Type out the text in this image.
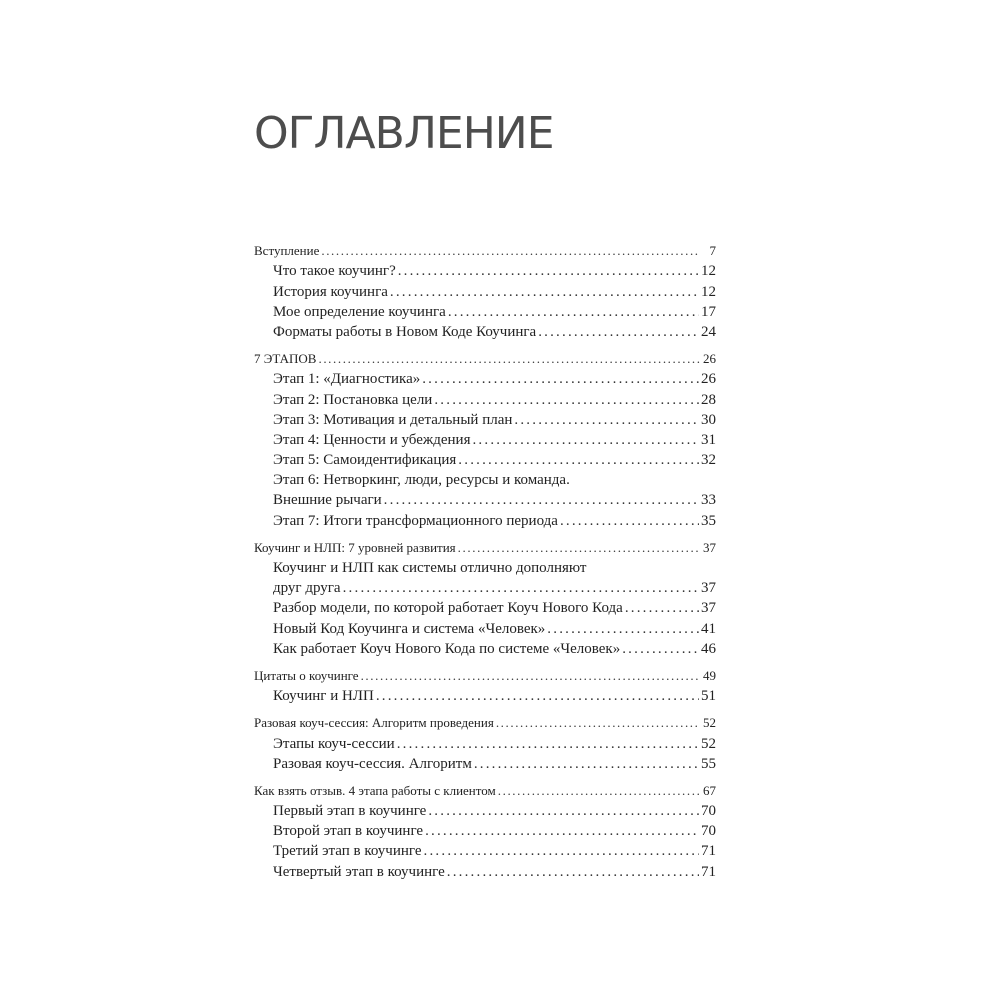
ОГЛАВЛЕНИЕ
Вступление .....	7
Что такое коучинг? .....	12
История коучинга .....	12
Мое определение коучинга .....	17
Форматы работы в Новом Коде Коучинга .....	24
7 ЭТАПОВ .....	26
Этап 1: «Диагностика» .....	26
Этап 2: Постановка цели .....	28
Этап 3: Мотивация и детальный план .....	30
Этап 4: Ценности и убеждения .....	31
Этап 5: Самоидентификация .....	32
Этап 6: Нетворкинг, люди, ресурсы и команда.
Внешние рычаги .....	33
Этап 7: Итоги трансформационного периода .....	35
Коучинг и НЛП: 7 уровней развития .....	37
Коучинг и НЛП как системы отлично дополняют
друг друга .....	37
Разбор модели, по которой работает Коуч Нового Кода .....	37
Новый Код Коучинга и система «Человек» .....	41
Как работает Коуч Нового Кода по системе «Человек» .....	46
Цитаты о коучинге .....	49
Коучинг и НЛП .....	51
Разовая коуч-сессия: Алгоритм проведения .....	52
Этапы коуч-сессии .....	52
Разовая коуч-сессия. Алгоритм .....	55
Как взять отзыв. 4 этапа работы с клиентом .....	67
Первый этап в коучинге .....	70
Второй этап в коучинге .....	70
Третий этап в коучинге .....	71
Четвертый этап в коучинге .....	71
